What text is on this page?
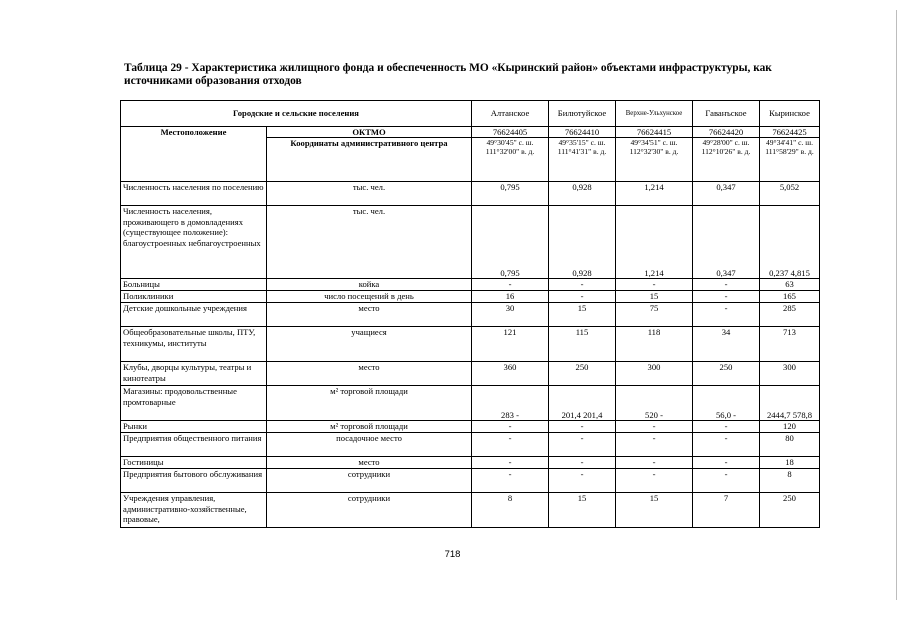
Таблица 29 - Характеристика жилищного фонда и обеспеченность МО «Кыринский район» объектами инфраструктуры, как источниками образования отходов
Городские и сельские поселения		Алтанское	Билютуйское	Верхне-Ульхунское	Гаванъское	Кыринское
Местоположение	ОКТМО	76624405	76624410	76624415	76624420	76624425
	Координаты административного центра	49°30'45" с. ш. 111°32'00" в. д.	49°35'15" с. ш. 111°41'31" в. д.	49°34'51" с. ш. 112°32'30" в. д.	49°28'00" с. ш. 112°10'26" в. д.	49°34'41" с. ш. 111°58'29" в. д.
Численность населения по поселению	тыс. чел.	0,795	0,928	1,214	0,347	5,052
Численность населения, проживающего в домовладениях (существующее положение): благоустроенных небпагоустроенных	тыс. чел.	0,795	0,928	1,214	0,347	0,237 4,815
Больницы	койка	-	-	-	-	63
Поликлиники	число посещений в день	16	-	15	-	165
Детские дошкольные учреждения	место	30	15	75	-	285
Общеобразовательные школы, ПТУ, техникумы, институты	учащиеся	121	115	118	34	713
Клубы, дворцы культуры, театры и кинотеатры	место	360	250	300	250	300
Магазины: продовольственные промтоварные	м² торговой площади	283 -	201,4 201,4	520 -	56,0 -	2444,7 578,8
Рынки	м² торговой площади	-	-	-	-	120
Предприятия общественного питания	посадочное место	-	-	-	-	80
Гостиницы	место	-	-	-	-	18
Предприятия бытового обслуживания	сотрудники	-	-	-	-	8
Учреждения управления, административно-хозяйственные, правовые,	сотрудники	8	15	15	7	250
718
